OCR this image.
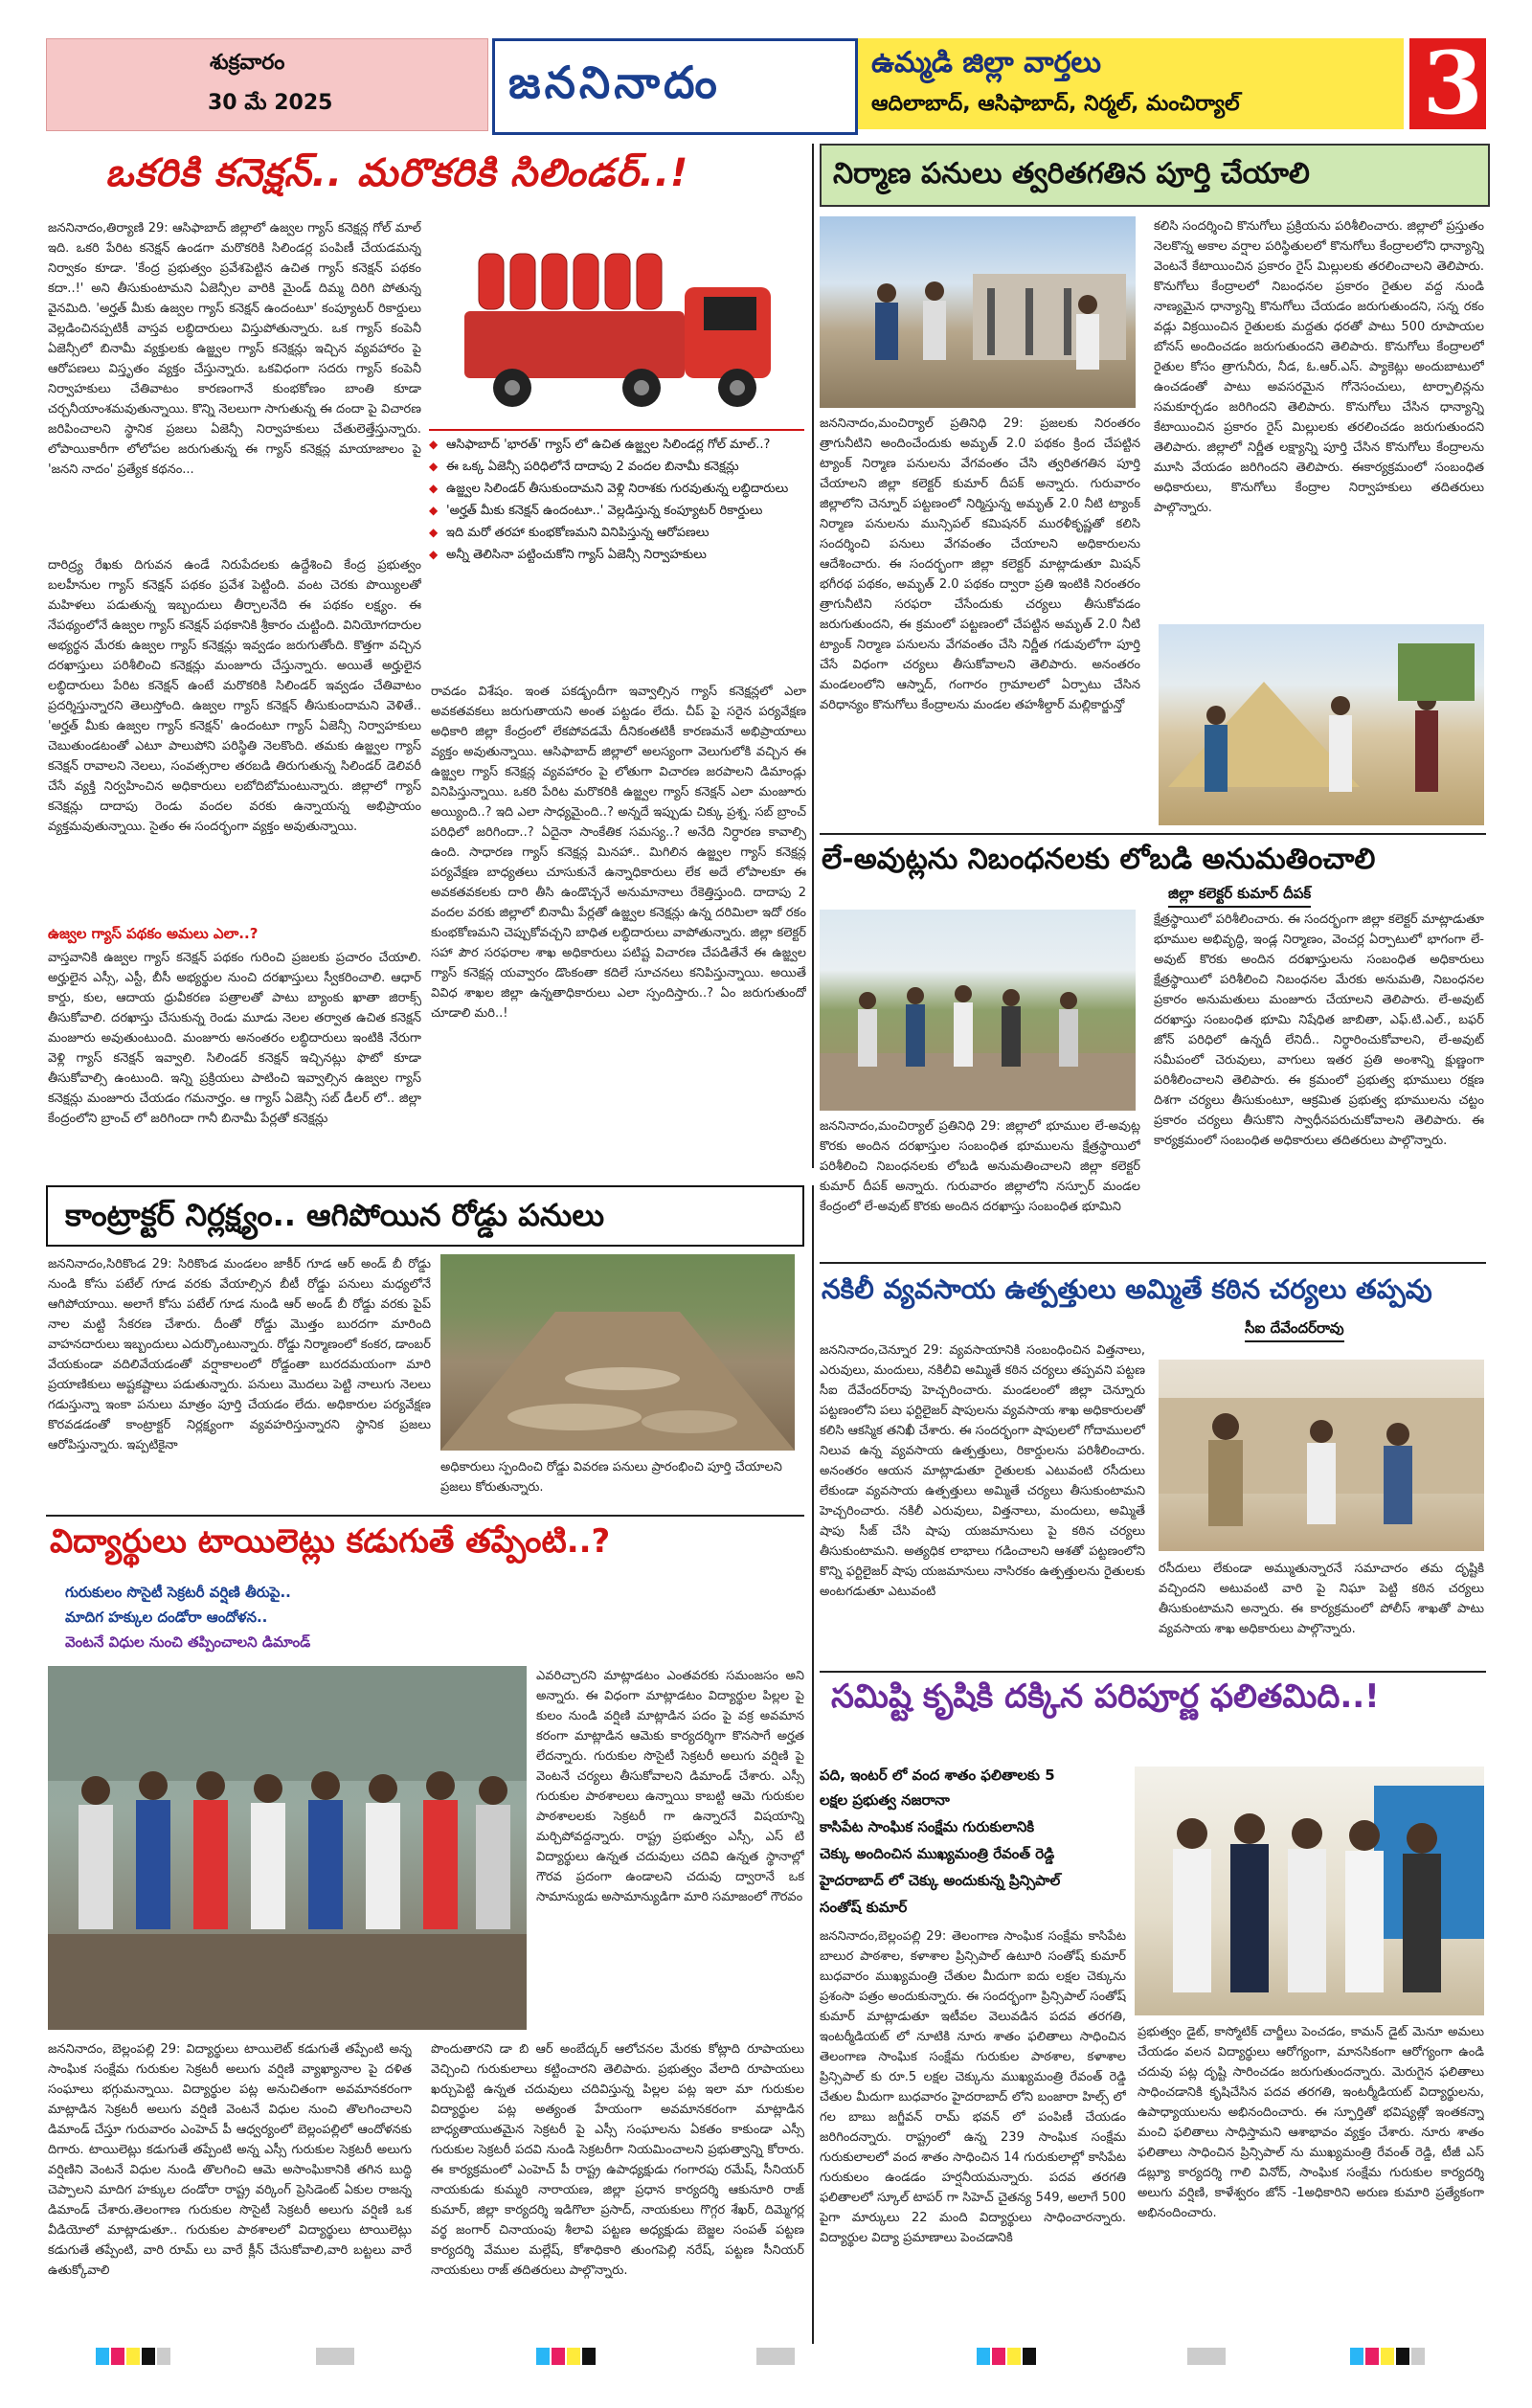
శుక్రవారం
30 మే 2025	జననినాదం	ఉమ్మడి జిల్లా వార్తలు
ఆదిలాబాద్, ఆసిఫాబాద్, నిర్మల్, మంచిర్యాల్ 3
ఒకరికి కనెక్షన్.. మరొకరికి సిలిండర్..!
జననినాదం,తిర్యాణి 29: ఆసిఫాబాద్ జిల్లాలో ఉజ్వల గ్యాస్ కనెక్షన్ల గోల్ మాల్ ఇది. ఒకరి పేరిట కనెక్షన్ ఉండగా మరొకరికి సిలిండర్ల పంపిణీ చేయడమన్న నిర్వాకం కూడా. 'కేంద్ర ప్రభుత్వం ప్రవేశపెట్టిన ఉచిత గ్యాస్ కనెక్షన్ పథకం కదా..!' అని తీసుకుంటామని ఏజెన్సీల వారికి మైండ్ దిమ్మ దిరిగి పోతున్న వైనమిది. 'అర్హత్ మీకు ఉజ్వల గ్యాస్ కనెక్షన్ ఉందంటూ' కంప్యూటర్ రికార్డులు వెల్లడించినప్పటికీ వాస్తవ లబ్ధిదారులు విస్తుపోతున్నారు. ఒక గ్యాస్ కంపెనీ ఏజెన్సీలో బినామీ వ్యక్తులకు ఉజ్జ్వల గ్యాస్ కనెక్షన్లు ఇచ్చిన వ్యవహారం పై ఆరోపణలు విస్తృతం వ్యక్తం చేస్తున్నారు. ఒకవిధంగా సదరు గ్యాస్ కంపెనీ నిర్వాహకులు చేతివాటం కారణంగానే కుంభకోణం బాంతి కూడా చర్చనీయాంశమవుతున్నాయి. కొన్ని నెలలుగా సాగుతున్న ఈ దందా పై విచారణ జరిపించాలని స్థానిక ప్రజలు ఏజెన్సీ నిర్వాహకులు చేతులెత్తేస్తున్నారు. లోపాయికారీగా లోలోపల జరుగుతున్న ఈ గ్యాస్ కనెక్షన్ల మాయాజాలం పై 'జనని నాదం' ప్రత్యేక కథనం...
◆ ఆసిఫాబాద్ 'భారత్' గ్యాస్ లో ఉచిత ఉజ్జ్వల సిలిండర్ల గోల్ మాల్..?
◆ ఈ ఒక్క ఏజెన్సీ పరిధిలోనే దాదాపు 2 వందల బినామీ కనెక్షన్లు
◆ ఉజ్జ్వల సిలిండర్ తీసుకుందామని వెళ్లి నిరాశకు గురవుతున్న లబ్ధిదారులు
◆ 'అర్హత్ మీకు కనెక్షన్ ఉందంటూ..' వెల్లడిస్తున్న కంప్యూటర్ రికార్డులు
◆ ఇది మరో తరహా కుంభకోణమని వినిపిస్తున్న ఆరోపణలు
◆ అన్నీ తెలిసినా పట్టించుకోని గ్యాస్ ఏజెన్సీ నిర్వాహకులు
దారిద్ర్య రేఖకు దిగువన ఉండే నిరుపేదలకు ఉద్దేశించి కేంద్ర ప్రభుత్వం బలహీనుల గ్యాస్ కనెక్షన్ పథకం ప్రవేశ పెట్టింది. వంట చెరకు పొయ్యిలతో మహిళలు పడుతున్న ఇబ్బందులు తీర్చాలనేది ఈ పథకం లక్ష్యం. ఈ నేపథ్యంలోనే ఉజ్వల గ్యాస్ కనెక్షన్ పథకానికి శ్రీకారం చుట్టింది. వినియోగదారుల అభ్యర్థన మేరకు ఉజ్వల గ్యాస్ కనెక్షన్లు ఇవ్వడం జరుగుతోంది. కొత్తగా వచ్చిన దరఖాస్తులు పరిశీలించి కనెక్షన్లు మంజూరు చేస్తున్నారు. అయితే అర్హులైన లబ్ధిదారులు పేరిట కనెక్షన్ ఉంటే మరొకరికి సిలిండర్ ఇవ్వడం చేతివాటం ప్రదర్శిస్తున్నారని తెలుస్తోంది. ఉజ్వల గ్యాస్ కనెక్షన్ తీసుకుందామని వెళితే.. 'అర్హత్ మీకు ఉజ్వల గ్యాస్ కనెక్షన్' ఉందంటూ గ్యాస్ ఏజెన్సీ నిర్వాహకులు చెబుతుండటంతో ఎటూ పాలుపోని పరిస్థితి నెలకొంది. తమకు ఉజ్జ్వల గ్యాస్ కనెక్షన్ రావాలని నెలలు, సంవత్సరాల తరబడి తిరుగుతున్న సిలిండర్ డెలివరీ చేసే వ్యక్తి నిర్వహించిన అధికారులు లబోదిబోమంటున్నారు. జిల్లాలో గ్యాస్ కనెక్షన్లు దాదాపు రెండు వందల వరకు ఉన్నాయన్న అభిప్రాయం వ్యక్తమవుతున్నాయి. సైతం ఈ సందర్భంగా వ్యక్తం అవుతున్నాయి.
ఉజ్వల గ్యాస్ పథకం అమలు ఎలా..?
వాస్తవానికి ఉజ్వల గ్యాస్ కనెక్షన్ పథకం గురించి ప్రజలకు ప్రచారం చేయాలి. అర్హులైన ఎస్సీ, ఎస్టీ, బీసీ అభ్యర్థుల నుంచి దరఖాస్తులు స్వీకరించాలి. ఆధార్ కార్డు, కుల, ఆదాయ ధ్రువీకరణ పత్రాలతో పాటు బ్యాంకు ఖాతా జిరాక్స్ తీసుకోవాలి. దరఖాస్తు చేసుకున్న రెండు మూడు నెలల తర్వాత ఉచిత కనెక్షన్ మంజూరు అవుతుంటుంది. మంజూరు అనంతరం లబ్ధిదారులు ఇంటికి నేరుగా వెళ్లి గ్యాస్ కనెక్షన్ ఇవ్వాలి. సిలిండర్ కనెక్షన్ ఇచ్చినట్లు ఫొటో కూడా తీసుకోవాల్సి ఉంటుంది. ఇన్ని ప్రక్రియలు పాటించి ఇవ్వాల్సిన ఉజ్వల గ్యాస్ కనెక్షన్లు మంజూరు చేయడం గమనార్హం. ఆ గ్యాస్ ఏజెన్సీ సబ్ డీలర్ లో.. జిల్లా కేంద్రంలోని బ్రాంచ్ లో జరిగిందా గానీ బినామీ పేర్లతో కనెక్షన్లు
రావడం విశేషం. ఇంత పకడ్బందీగా ఇవ్వాల్సిన గ్యాస్ కనెక్షన్లలో ఎలా అవకతవకలు జరుగుతాయని అంత పట్టడం లేదు. చీప్ పై సరైన పర్యవేక్షణ అధికారి జిల్లా కేంద్రంలో లేకపోవడమే దీనికంతటికీ కారణమనే అభిప్రాయాలు వ్యక్తం అవుతున్నాయి. ఆసిఫాబాద్ జిల్లాలో అలస్యంగా వెలుగులోకి వచ్చిన ఈ ఉజ్జ్వల గ్యాస్ కనెక్షన్ల వ్యవహారం పై లోతుగా విచారణ జరపాలని డిమాండ్లు వినిపిస్తున్నాయి. ఒకరి పేరిట మరొకరికి ఉజ్జ్వల గ్యాస్ కనెక్షన్ ఎలా మంజూరు అయ్యింది..? ఇది ఎలా సాధ్యమైంది..? అన్నదే ఇప్పుడు చిక్కు ప్రశ్న. సబ్ బ్రాంచ్ పరిధిలో జరిగిందా..? ఏదైనా సాంకేతిక సమస్య..? అనేది నిర్ధారణ కావాల్సి ఉంది. సాధారణ గ్యాస్ కనెక్షన్ల మినహా.. మిగిలిన ఉజ్జ్వల గ్యాస్ కనెక్షన్ల పర్యవేక్షణ బాధ్యతలు చూసుకునే ఉన్నాధికారులు లేక అదే లోపాలకూ ఈ అవకతవకలకు దారి తీసి ఉండొచ్చనే అనుమానాలు రేకెత్తిస్తుంది. దాదాపు 2 వందల వరకు జిల్లాలో బినామీ పేర్లతో ఉజ్జ్వల కనెక్షన్లు ఉన్న దరిమిలా ఇదో రకం కుంభకోణమని చెప్పుకోవచ్చని బాధిత లబ్ధిదారులు వాపోతున్నారు. జిల్లా కలెక్టర్ సహా పౌర సరఫరాల శాఖ అధికారులు పటిష్ట విచారణ చేపడితేనే ఈ ఉజ్జ్వల గ్యాస్ కనెక్షన్ల యవ్వారం డొంకంతా కదిలే సూచనలు కనిపిస్తున్నాయి. అయితే వివిధ శాఖల జిల్లా ఉన్నతాధికారులు ఎలా స్పందిస్తారు..? ఏం జరుగుతుందో చూడాలి మరి..!
నిర్మాణ పనులు త్వరితగతిన పూర్తి చేయాలి
జననినాదం,మంచిర్యాల్ ప్రతినిధి 29: ప్రజలకు నిరంతరం త్రాగునీటిని అందించేందుకు అమృత్ 2.0 పథకం క్రింద చేపట్టిన ట్యాంక్ నిర్మాణ పనులను వేగవంతం చేసి త్వరితగతిన పూర్తి చేయాలని జిల్లా కలెక్టర్ కుమార్ దీపక్ అన్నారు. గురువారం జిల్లాలోని చెన్నూర్ పట్టణంలో నిర్మిస్తున్న అమృత్ 2.0 నీటి ట్యాంక్ నిర్మాణ పనులను మున్సిపల్ కమిషనర్ మురళీకృష్ణతో కలిసి సందర్శించి పనులు వేగవంతం చేయాలని అధికారులను ఆదేశించారు. ఈ సందర్భంగా జిల్లా కలెక్టర్ మాట్లాడుతూ మిషన్ భగీరథ పథకం, అమృత్ 2.0 పథకం ద్వారా ప్రతి ఇంటికి నిరంతరం త్రాగునీటిని సరఫరా చేసేందుకు చర్యలు తీసుకోవడం జరుగుతుందని, ఈ క్రమంలో పట్టణంలో చేపట్టిన అమృత్ 2.0 నీటి ట్యాంక్ నిర్మాణ పనులను వేగవంతం చేసి నిర్ణీత గడువులోగా పూర్తి చేసే విధంగా చర్యలు తీసుకోవాలని తెలిపారు. అనంతరం మండలంలోని ఆస్నాద్, గంగారం గ్రామాలలో ఏర్పాటు చేసిన వరిధాన్యం కొనుగోలు కేంద్రాలను మండల తహశీల్దార్ మల్లికార్జున్తో
కలిసి సందర్శించి కొనుగోలు ప్రక్రియను పరిశీలించారు. జిల్లాలో ప్రస్తుతం నెలకొన్న అకాల వర్షాల పరిస్థితులలో కొనుగోలు కేంద్రాలలోని ధాన్యాన్ని వెంటనే కేటాయించిన ప్రకారం రైస్ మిల్లులకు తరలించాలని తెలిపారు. కొనుగోలు కేంద్రాలలో నిబంధనల ప్రకారం రైతుల వద్ద నుండి నాణ్యమైన ధాన్యాన్ని కొనుగోలు చేయడం జరుగుతుందని, సన్న రకం వడ్లు విక్రయించిన రైతులకు మద్దతు ధరతో పాటు 500 రూపాయల బోనస్ అందించడం జరుగుతుందని తెలిపారు. కొనుగోలు కేంద్రాలలో రైతుల కోసం త్రాగునీరు, నీడ, ఓ.ఆర్.ఎస్. ప్యాకెట్లు అందుబాటులో ఉంచడంతో పాటు అవసరమైన గోనెసంచులు, టార్పాలిన్లను సమకూర్చడం జరిగిందని తెలిపారు. కొనుగోలు చేసిన ధాన్యాన్ని కేటాయించిన ప్రకారం రైస్ మిల్లులకు తరలించడం జరుగుతుందని తెలిపారు. జిల్లాలో నిర్ణీత లక్ష్యాన్ని పూర్తి చేసిన కొనుగోలు కేంద్రాలను మూసి వేయడం జరిగిందని తెలిపారు. ఈకార్యక్రమంలో సంబంధిత అధికారులు, కొనుగోలు కేంద్రాల నిర్వాహకులు తదితరులు పాల్గొన్నారు.
లే-అవుట్లను నిబంధనలకు లోబడి అనుమతించాలి
జిల్లా కలెక్టర్ కుమార్ దీపక్
జననినాదం,మంచిర్యాల్ ప్రతినిధి 29: జిల్లాలో భూముల లే-అవుట్ల కొరకు అందిన దరఖాస్తుల సంబంధిత భూములను క్షేత్రస్థాయిలో పరిశీలించి నిబంధనలకు లోబడి అనుమతించాలని జిల్లా కలెక్టర్ కుమార్ దీపక్ అన్నారు. గురువారం జిల్లాలోని నస్పూర్ మండల కేంద్రంలో లే-అవుట్ కొరకు అందిన దరఖాస్తు సంబంధిత భూమిని
క్షేత్రస్థాయిలో పరిశీలించారు. ఈ సందర్భంగా జిల్లా కలెక్టర్ మాట్లాడుతూ భూముల అభివృద్ధి, ఇండ్ల నిర్మాణం, వెంచర్ల ఏర్పాటులో భాగంగా లే-అవుట్ కొరకు అందిన దరఖాస్తులను సంబంధిత అధికారులు క్షేత్రస్థాయిలో పరిశీలించి నిబంధనల మేరకు అనుమతి, నిబంధనల ప్రకారం అనుమతులు మంజూరు చేయాలని తెలిపారు. లే-అవుట్ దరఖాస్తు సంబంధిత భూమి నిషేధిత జాబితా, ఎఫ్.టి.ఎల్., బఫర్ జోన్ పరిధిలో ఉన్నదీ లేనిదీ.. నిర్ధారించుకోవాలని, లే-అవుట్ సమీపంలో చెరువులు, వాగులు ఇతర ప్రతి అంశాన్ని క్షుణ్ణంగా పరిశీలించాలని తెలిపారు. ఈ క్రమంలో ప్రభుత్వ భూములు రక్షణ దిశగా చర్యలు తీసుకుంటూ, ఆక్రమిత ప్రభుత్వ భూములను చట్టం ప్రకారం చర్యలు తీసుకొని స్వాధీనపరుచుకోవాలని తెలిపారు. ఈ కార్యక్రమంలో సంబంధిత అధికారులు తదితరులు పాల్గొన్నారు.
నకిలీ వ్యవసాయ ఉత్పత్తులు అమ్మితే కఠిన చర్యలు తప్పవు
సీఐ దేవేందర్‌రావు
జననినాదం,చెన్నూర 29: వ్యవసాయానికి సంబంధించిన విత్తనాలు, ఎరువులు, మందులు, నకిలీవి అమ్మితే కఠిన చర్యలు తప్పవని పట్టణ సీఐ దేవేందర్‌రావు హెచ్చరించారు. మండలంలో జిల్లా చెన్నూరు పట్టణంలోని పలు ఫర్టిలైజర్ షాపులను వ్యవసాయ శాఖ అధికారులతో కలిసి ఆకస్మిక తనిఖీ చేశారు. ఈ సందర్భంగా షాపులలో గోదాములలో నిలువ ఉన్న వ్యవసాయ ఉత్పత్తులు, రికార్డులను పరిశీలించారు. అనంతరం ఆయన మాట్లాడుతూ రైతులకు ఎటువంటి రసీదులు లేకుండా వ్యవసాయ ఉత్పత్తులు అమ్మితే చర్యలు తీసుకుంటామని హెచ్చరించారు. నకిలీ ఎరువులు, విత్తనాలు, మందులు, అమ్మితే షాపు సీజ్ చేసి షాపు యజమానులు పై కఠిన చర్యలు తీసుకుంటామని. అత్యధిక లాభాలు గడించాలని ఆశతో పట్టణంలోని కొన్ని ఫర్టిలైజర్ షాపు యజమానులు నాసిరకం ఉత్పత్తులను రైతులకు అంటగడుతూ ఎటువంటి
రసీదులు లేకుండా అమ్ముతున్నారనే సమాచారం తమ దృష్టికి వచ్చిందని అటువంటి వారి పై నిఘా పెట్టి కఠిన చర్యలు తీసుకుంటామని అన్నారు. ఈ కార్యక్రమంలో పోలీస్ శాఖతో పాటు వ్యవసాయ శాఖ అధికారులు పాల్గొన్నారు.
కాంట్రాక్టర్ నిర్లక్ష్యం.. ఆగిపోయిన రోడ్డు పనులు
జననినాదం,సిరికొండ 29: సిరికొండ మండలం జాకీర్ గూడ ఆర్ అండ్ బీ రోడ్డు నుండి కోసు పటేల్ గూడ వరకు వేయాల్సిన బీటీ రోడ్డు పనులు మధ్యలోనే ఆగిపోయాయి. అలాగే కోసు పటేల్ గూడ నుండి ఆర్ అండ్ బీ రోడ్డు వరకు పైప్ నాల మట్టి సేకరణ చేశారు. దీంతో రోడ్డు మొత్తం బురదగా మారింది వాహనదారులు ఇబ్బందులు ఎదుర్కొంటున్నారు. రోడ్డు నిర్మాణంలో కంకర, డాంబర్ వేయకుండా వదిలివేయడంతో వర్షాకాలంలో రోడ్డంతా బురదమయంగా మారి ప్రయాణికులు అష్టకష్టాలు పడుతున్నారు. పనులు మొదలు పెట్టి నాలుగు నెలలు గడుస్తున్నా ఇంకా పనులు మాత్రం పూర్తి చేయడం లేదు. అధికారుల పర్యవేక్షణ కొరవడడంతో కాంట్రాక్టర్ నిర్లక్ష్యంగా వ్యవహరిస్తున్నారని స్థానిక ప్రజలు ఆరోపిస్తున్నారు. ఇప్పటికైనా
అధికారులు స్పందించి రోడ్డు వివరణ పనులు ప్రారంభించి పూర్తి చేయాలని ప్రజలు కోరుతున్నారు.
విద్యార్థులు టాయిలెట్లు కడుగుతే తప్పేంటి..?
గురుకులం సొసైటీ సెక్రటరీ వర్షిణి తీరుపై..
మాదిగ హక్కుల దండోరా ఆందోళన..
వెంటనే విధుల నుంచి తప్పించాలని డిమాండ్
ఎవరిచ్చారని మాట్లాడటం ఎంతవరకు సమంజసం అని అన్నారు. ఈ విధంగా మాట్లాడటం విద్యార్థుల పిల్లల పై కులం నుండి వర్షిణి మాట్లాడిన పదం పై వక్ర అవమాన కరంగా మాట్లాడిన ఆమెకు కార్యదర్శిగా కొనసాగే అర్హత లేదన్నారు. గురుకుల సొసైటీ సెక్రటరీ అలుగు వర్షిణి పై వెంటనే చర్యలు తీసుకోవాలని డిమాండ్ చేశారు. ఎస్సీ గురుకుల పాఠశాలలు ఉన్నాయి కాబట్టి ఆమె గురుకుల పాఠశాలలకు సెక్రటరీ గా ఉన్నారనే విషయాన్ని మర్చిపోవద్దన్నారు. రాష్ట్ర ప్రభుత్వం ఎస్సీ, ఎస్ టి విద్యార్థులు ఉన్నత చదువులు చదివి ఉన్నత స్థానాల్లో గౌరవ ప్రదంగా ఉండాలని చదువు ద్వారానే ఒక సామాన్యుడు అసామాన్యుడిగా మారి సమాజంలో గౌరవం
జననినాదం, బెల్లంపల్లి 29: విద్యార్థులు టాయిలెట్ కడుగుతే తప్పేంటి అన్న సాంఘిక సంక్షేమ గురుకుల సెక్రటరీ అలుగు వర్షిణి వ్యాఖ్యానాల పై దళిత సంఘాలు భగ్గుమన్నాయి. విద్యార్థుల పట్ల అనుచితంగా అవమానకరంగా మాట్లాడిన సెక్రటరీ అలుగు వర్షిణి వెంటనే విధుల నుంచి తొలగించాలని డిమాండ్ చేస్తూ గురువారం ఎంహెచ్ పీ ఆధ్వర్యంలో బెల్లంపల్లిలో ఆందోళనకు దిగారు. టాయిలెట్లు కడుగుతే తప్పేంటి అన్న ఎస్సీ గురుకుల సెక్రటరీ అలుగు వర్షిణిని వెంటనే విధుల నుండి తొలగించి ఆమె అసాంఘికానికి తగిన బుద్ధి చెప్పాలని మాదిగ హక్కుల దండోరా రాష్ట్ర వర్కింగ్ ప్రెసిడెంట్ ఏకుల రాజన్న డిమాండ్ చేశారు.తెలంగాణ గురుకుల సొసైటీ సెక్రటరీ అలుగు వర్షిణి ఒక వీడియోలో మాట్లాడుతూ.. గురుకుల పాఠశాలలో విద్యార్థులు టాయిలెట్లు కడుగుతే తప్పేంటి, వారి రూమ్ లు వారే క్లీన్ చేసుకోవాలి,వారి బట్టలు వారే ఉతుక్కోవాలి
పొందుతారని డా బి ఆర్ అంబేద్కర్ ఆలోచనల మేరకు కోట్లాది రూపాయలు వెచ్చించి గురుకులాలు కట్టించారని తెలిపారు. ప్రభుత్వం వేలాది రూపాయలు ఖర్చుపెట్టి ఉన్నత చదువులు చదివిస్తున్న పిల్లల పట్ల ఇలా మా గురుకుల విద్యార్థుల పట్ల అత్యంత హేయంగా అవమానకరంగా మాట్లాడిన బాధ్యతాయుతమైన సెక్రటరీ పై ఎస్సీ సంఘాలను ఏకతం కాకుండా ఎస్సీ గురుకుల సెక్రటరీ పదవి నుండి సెక్రటరీగా నియమించాలని ప్రభుత్వాన్ని కోరారు. ఈ కార్యక్రమంలో ఎంహెచ్ పీ రాష్ట్ర ఉపాధ్యక్షుడు గంగారపు రమేష్, సీనియర్ నాయకుడు కుమ్మరి నారాయణ, జిల్లా ప్రధాన కార్యదర్శి ఆకునూరి రాజ్ కుమార్, జిల్లా కార్యదర్శి ఇడిగొలా ప్రసాద్, నాయకులు గొగ్గర శేఖర్, దిమ్మెగర్ల వర్థ జంగార్ చినాయంపు శీలావి పట్టణ అధ్యక్షుడు బెజ్జల సంపత్ పట్టణ కార్యదర్శి వేముల మల్లేష్, కోశాధికారి తుంగపెల్లి నరేష్, పట్టణ సీనియర్ నాయకులు రాజ్ తదితరులు పాల్గొన్నారు.
సమిష్టి కృషికి దక్కిన పరిపూర్ణ ఫలితమిది..!
పది, ఇంటర్ లో వంద శాతం ఫలితాలకు 5
లక్షల ప్రభుత్వ నజరానా
కాసిపేట సాంఘిక సంక్షేమ గురుకులానికి
చెక్కు అందించిన ముఖ్యమంత్రి రేవంత్ రెడ్డి
హైదరాబాద్ లో చెక్కు అందుకున్న ప్రిన్సిపాల్
సంతోష్ కుమార్
జననినాదం,బెల్లంపల్లి 29: తెలంగాణ సాంఘిక సంక్షేమ కాసిపేట బాలుర పాఠశాల, కళాశాల ప్రిన్సిపాల్ ఉటూరి సంతోష్ కుమార్ బుధవారం ముఖ్యమంత్రి చేతుల మీదుగా ఐదు లక్షల చెక్కును ప్రశంసా పత్రం అందుకున్నారు. ఈ సందర్భంగా ప్రిన్సిపాల్ సంతోష్ కుమార్ మాట్లాడుతూ ఇటీవల వెలువడిన పదవ తరగతి, ఇంటర్మీడియట్ లో నూటికి నూరు శాతం ఫలితాలు సాధించిన తెలంగాణ సాంఘిక సంక్షేమ గురుకుల పాఠశాల, కళాశాల ప్రిన్సిపాల్ కు రూ.5 లక్షల చెక్కును ముఖ్యమంత్రి రేవంత్ రెడ్డి చేతుల మీదుగా బుధవారం హైదరాబాద్ లోని బంజారా హిల్స్ లో గల బాబు జగ్జీవన్ రామ్ భవన్ లో పంపిణీ చేయడం జరిగిందన్నారు. రాష్ట్రంలో ఉన్న 239 సాంఘిక సంక్షేమ గురుకులాలలో వంద శాతం సాధించిన 14 గురుకులాల్లో కాసిపేట గురుకులం ఉండడం హర్షనీయమన్నారు. పదవ తరగతి ఫలితాలలో స్కూల్ టాపర్ గా సిహెచ్ చైతన్య 549, అలాగే 500 పైగా మార్కులు 22 మంది విద్యార్థులు సాధించారన్నారు. విద్యార్థుల విద్యా ప్రమాణాలు పెంచడానికి
ప్రభుత్వం డైట్, కాస్మోటిక్ చార్జీలు పెంచడం, కామన్ డైట్ మెనూ అమలు చేయడం వలన విద్యార్థులు ఆరోగ్యంగా, మానసికంగా ఆరోగ్యంగా ఉండి చదువు పట్ల దృష్టి సారించడం జరుగుతుందన్నారు. మెరుగైన ఫలితాలు సాధించడానికి కృషిచేసిన పదవ తరగతి, ఇంటర్మీడియట్ విద్యార్థులను, ఉపాధ్యాయులను అభినందించారు. ఈ స్ఫూర్తితో భవిష్యత్లో ఇంతకన్నా మంచి ఫలితాలు సాధిస్తామని ఆశాభావం వ్యక్తం చేశారు. నూరు శాతం ఫలితాలు సాధించిన ప్రిన్సిపాల్ ను ముఖ్యమంత్రి రేవంత్ రెడ్డి, టీజీ ఎస్ డబ్ల్యూ కార్యదర్శి గాలి వినోద్, సాంఘిక సంక్షేమ గురుకుల కార్యదర్శి అలుగు వర్షిణి, కాళేశ్వరం జోన్ -1అధికారిని అరుణ కుమారి ప్రత్యేకంగా అభినందించారు.
